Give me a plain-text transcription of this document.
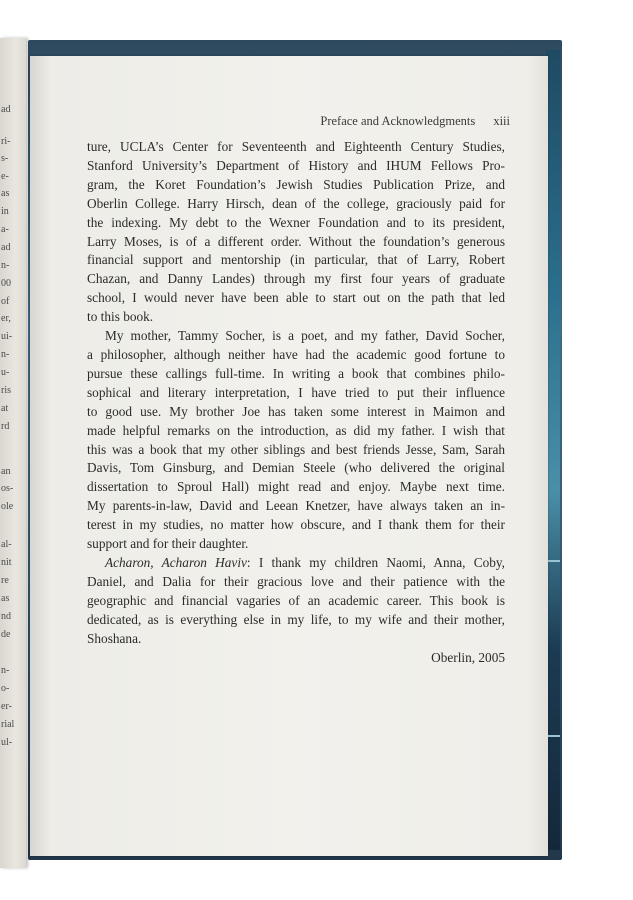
ad
ri-
s-
e-
as
in
a-
ad
n-
00
of
er,
ui-
n-
u-
ris
at
rd
an
os-
ole
al-
nit
re
as
nd
de
n-
o-
er-
rial
ul-
Preface and Acknowledgments xiii
ture, UCLA’s Center for Seventeenth and Eighteenth Century Studies,
Stanford University’s Department of History and IHUM Fellows Pro-
gram, the Koret Foundation’s Jewish Studies Publication Prize, and
Oberlin College. Harry Hirsch, dean of the college, graciously paid for
the indexing. My debt to the Wexner Foundation and to its president,
Larry Moses, is of a different order. Without the foundation’s generous
financial support and mentorship (in particular, that of Larry, Robert
Chazan, and Danny Landes) through my first four years of graduate
school, I would never have been able to start out on the path that led
to this book.
My mother, Tammy Socher, is a poet, and my father, David Socher,
a philosopher, although neither have had the academic good fortune to
pursue these callings full-time. In writing a book that combines philo-
sophical and literary interpretation, I have tried to put their influence
to good use. My brother Joe has taken some interest in Maimon and
made helpful remarks on the introduction, as did my father. I wish that
this was a book that my other siblings and best friends Jesse, Sam, Sarah
Davis, Tom Ginsburg, and Demian Steele (who delivered the original
dissertation to Sproul Hall) might read and enjoy. Maybe next time.
My parents-in-law, David and Leean Knetzer, have always taken an in-
terest in my studies, no matter how obscure, and I thank them for their
support and for their daughter.
Acharon, Acharon Haviv: I thank my children Naomi, Anna, Coby,
Daniel, and Dalia for their gracious love and their patience with the
geographic and financial vagaries of an academic career. This book is
dedicated, as is everything else in my life, to my wife and their mother,
Shoshana.
Oberlin, 2005
